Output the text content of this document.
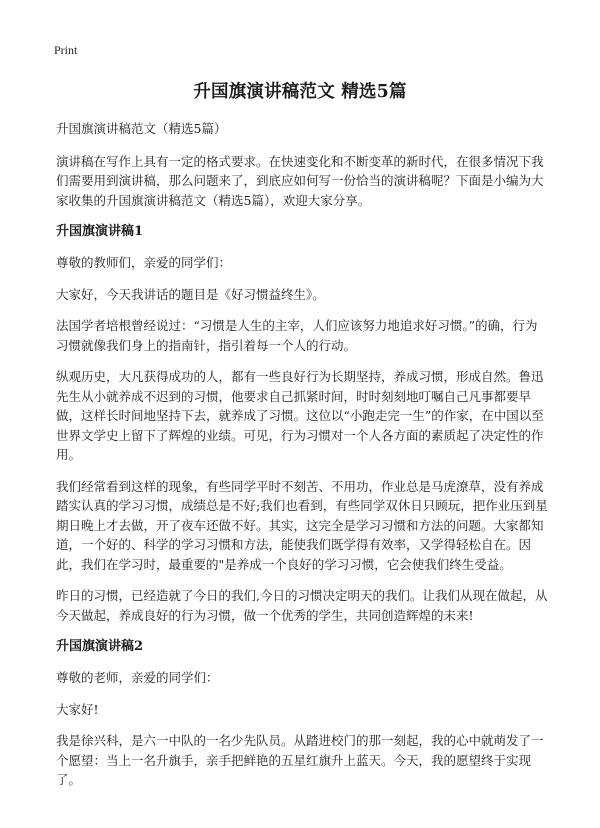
Print
升国旗演讲稿范文 精选5篇

升国旗演讲稿范文（精选5篇）

演讲稿在写作上具有一定的格式要求。在快速变化和不断变革的新时代，在很多情况下我们需要用到演讲稿，那么问题来了，到底应如何写一份恰当的演讲稿呢？下面是小编为大家收集的升国旗演讲稿范文（精选5篇），欢迎大家分享。

升国旗演讲稿1

尊敬的教师们，亲爱的同学们：

大家好，今天我讲话的题目是《好习惯益终生》。

法国学者培根曾经说过：“习惯是人生的主宰，人们应该努力地追求好习惯。”的确，行为习惯就像我们身上的指南针，指引着每一个人的行动。

纵观历史，大凡获得成功的人，都有一些良好行为长期坚持，养成习惯，形成自然。鲁迅先生从小就养成不迟到的习惯，他要求自己抓紧时间，时时刻刻地叮嘱自己凡事都要早做，这样长时间地坚持下去，就养成了习惯。这位以“小跑走完一生”的作家，在中国以至世界文学史上留下了辉煌的业绩。可见，行为习惯对一个人各方面的素质起了决定性的作用。

我们经常看到这样的现象，有些同学平时不刻苦、不用功，作业总是马虎潦草，没有养成踏实认真的学习习惯，成绩总是不好;我们也看到，有些同学双休日只顾玩，把作业压到星期日晚上才去做，开了夜车还做不好。其实，这完全是学习习惯和方法的问题。大家都知道，一个好的、科学的学习习惯和方法，能使我们既学得有效率，又学得轻松自在。因此，我们在学习时，最重要的"是养成一个良好的学习习惯，它会使我们终生受益。

昨日的习惯，已经造就了今日的我们,今日的习惯决定明天的我们。让我们从现在做起，从今天做起，养成良好的行为习惯，做一个优秀的学生，共同创造辉煌的未来!

升国旗演讲稿2

尊敬的老师，亲爱的同学们：

大家好!

我是徐兴科，是六一中队的一名少先队员。从踏进校门的那一刻起，我的心中就萌发了一个愿望：当上一名升旗手，亲手把鲜艳的五星红旗升上蓝天。今天，我的愿望终于实现了。
